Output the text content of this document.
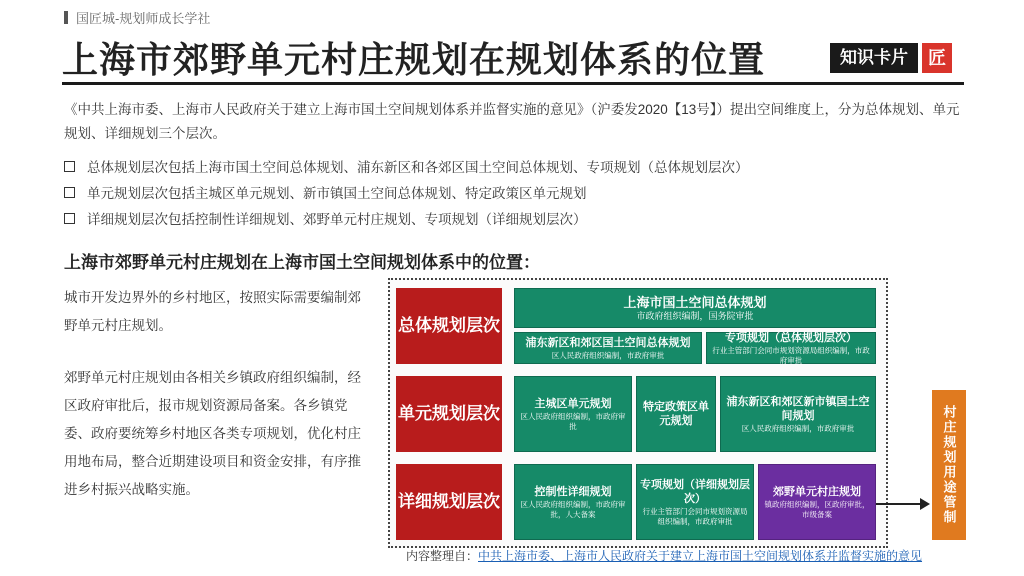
国匠城-规划师成长学社
上海市郊野单元村庄规划在规划体系的位置	知识卡片	匠
《中共上海市委、上海市人民政府关于建立上海市国土空间规划体系并监督实施的意见》（沪委发2020【13号】）提出空间维度上，分为总体规划、单元规划、详细规划三个层次。
总体规划层次包括上海市国土空间总体规划、浦东新区和各郊区国土空间总体规划、专项规划（总体规划层次）
单元规划层次包括主城区单元规划、新市镇国土空间总体规划、特定政策区单元规划
详细规划层次包括控制性详细规划、郊野单元村庄规划、专项规划（详细规划层次）
上海市郊野单元村庄规划在上海市国土空间规划体系中的位置：
城市开发边界外的乡村地区，按照实际需要编制郊野单元村庄规划。
郊野单元村庄规划由各相关乡镇政府组织编制，经区政府审批后，报市规划资源局备案。各乡镇党委、政府要统筹乡村地区各类专项规划，优化村庄用地布局，整合近期建设项目和资金安排，有序推进乡村振兴战略实施。
总体规划层次
单元规划层次
详细规划层次
上海市国土空间总体规划
市政府组织编制，国务院审批
浦东新区和郊区国土空间总体规划
区人民政府组织编制，市政府审批
专项规划（总体规划层次）
行业主管部门会同市规划资源局组织编制，市政府审批
主城区单元规划
区人民政府组织编制，市政府审批
特定政策区单元规划
浦东新区和郊区新市镇国土空间规划
区人民政府组织编制，市政府审批
控制性详细规划
区人民政府组织编制，市政府审批，人大备案
专项规划（详细规划层次）
行业主管部门会同市规划资源局组织编制，市政府审批
郊野单元村庄规划
镇政府组织编制，区政府审批，市级备案	村庄规划用途管制
内容整理自：中共上海市委、上海市人民政府关于建立上海市国土空间规划体系并监督实施的意见
